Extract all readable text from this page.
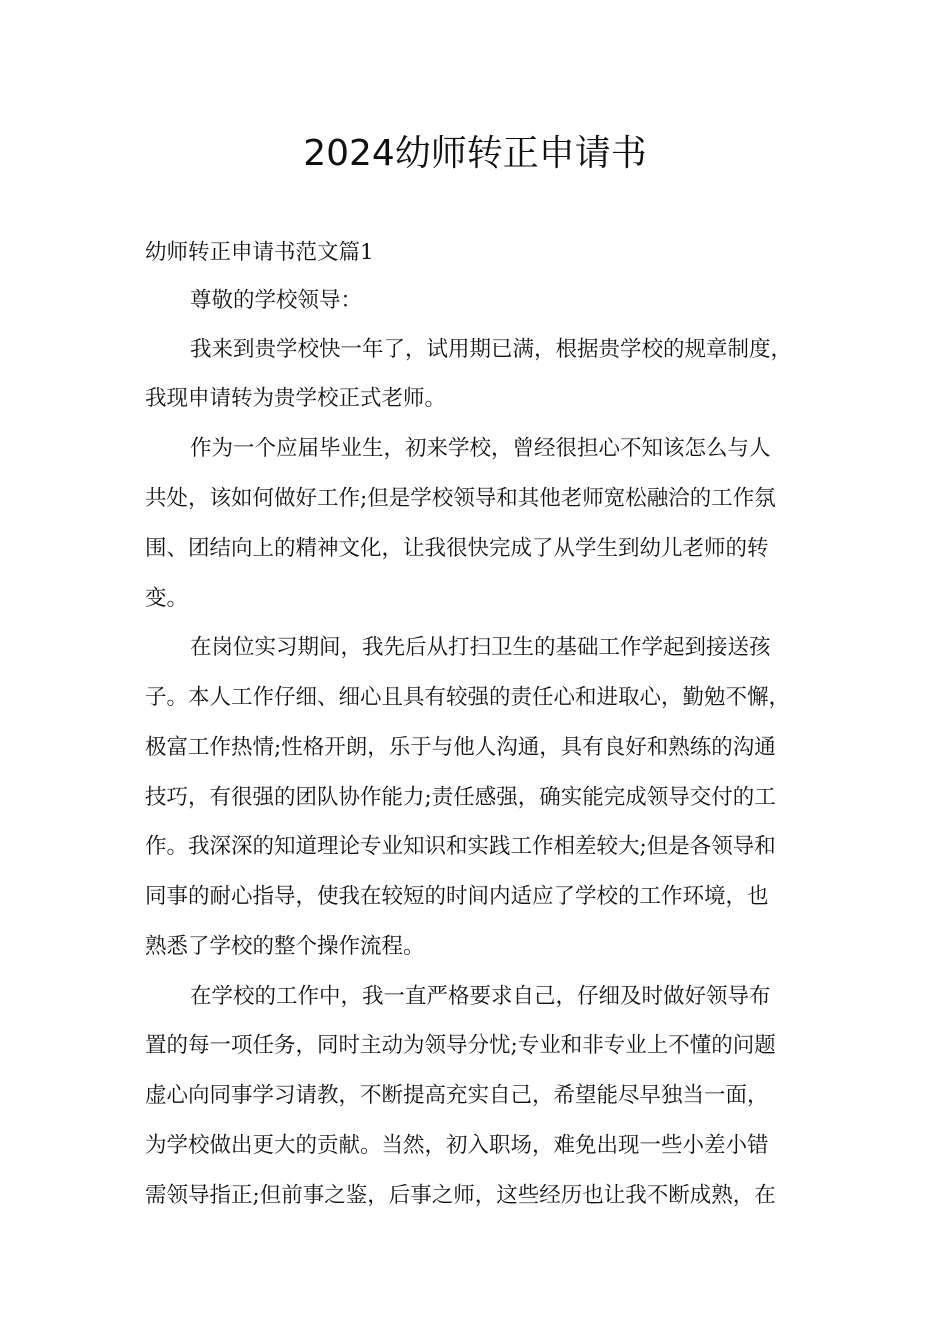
2024幼师转正申请书
幼师转正申请书范文篇1
尊敬的学校领导：
我来到贵学校快一年了，试用期已满，根据贵学校的规章制度，
我现申请转为贵学校正式老师。
作为一个应届毕业生，初来学校，曾经很担心不知该怎么与人
共处，该如何做好工作;但是学校领导和其他老师宽松融洽的工作氛
围、团结向上的精神文化，让我很快完成了从学生到幼儿老师的转
变。
在岗位实习期间，我先后从打扫卫生的基础工作学起到接送孩
子。本人工作仔细、细心且具有较强的责任心和进取心，勤勉不懈，
极富工作热情;性格开朗，乐于与他人沟通，具有良好和熟练的沟通
技巧，有很强的团队协作能力;责任感强，确实能完成领导交付的工
作。我深深的知道理论专业知识和实践工作相差较大;但是各领导和
同事的耐心指导，使我在较短的时间内适应了学校的工作环境，也
熟悉了学校的整个操作流程。
在学校的工作中，我一直严格要求自己，仔细及时做好领导布
置的每一项任务，同时主动为领导分忧;专业和非专业上不懂的问题
虚心向同事学习请教，不断提高充实自己，希望能尽早独当一面，
为学校做出更大的贡献。当然，初入职场，难免出现一些小差小错
需领导指正;但前事之鉴，后事之师，这些经历也让我不断成熟，在
